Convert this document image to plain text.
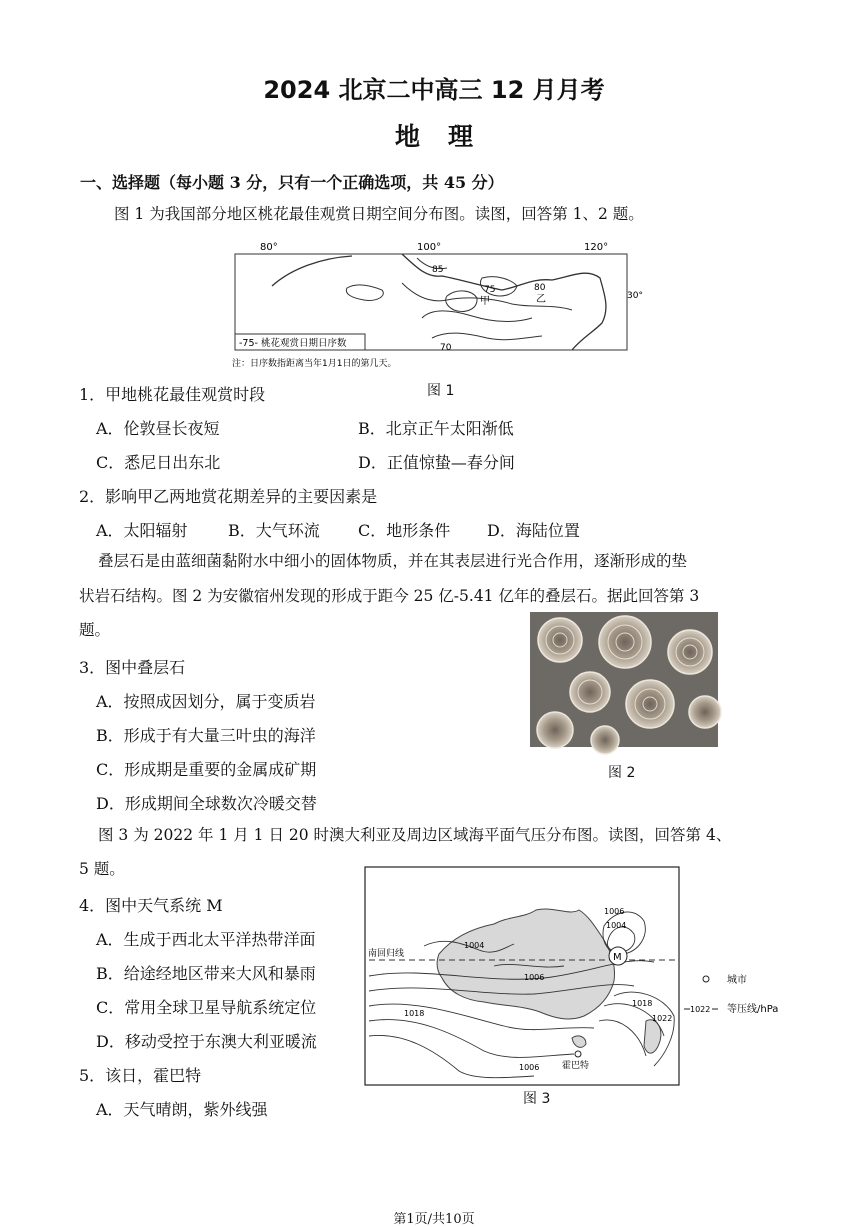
2024 北京二中高三 12 月月考
地理
一、选择题（每小题 3 分，只有一个正确选项，共 45 分）
图 1 为我国部分地区桃花最佳观赏日期空间分布图。读图，回答第 1、2 题。
80°	100°	120°
85
75	80
70
甲	乙	30°
-75- 桃花观赏日期日序数
注：日序数指距离当年1月1日的第几天。
图 1
1．甲地桃花最佳观赏时段
A．伦敦昼长夜短	B．北京正午太阳渐低
C．悉尼日出东北	D．正值惊蛰—春分间
2．影响甲乙两地赏花期差异的主要因素是
A．太阳辐射	B．大气环流 C．地形条件 D．海陆位置
叠层石是由蓝细菌黏附水中细小的固体物质，并在其表层进行光合作用，逐渐形成的垫
状岩石结构。图 2 为安徽宿州发现的形成于距今 25 亿-5.41 亿年的叠层石。据此回答第 3
题。
图 2
3．图中叠层石
A．按照成因划分，属于变质岩
B．形成于有大量三叶虫的海洋
C．形成期是重要的金属成矿期
D．形成期间全球数次冷暖交替
图 3 为 2022 年 1 月 1 日 20 时澳大利亚及周边区域海平面气压分布图。读图，回答第 4、
5 题。
南回归线	M
1006
1004
1006
1004
1018
1018
1022
1006	霍巴特
城市
1022 等压线/hPa
图 3
4．图中天气系统 M
A．生成于西北太平洋热带洋面
B．给途经地区带来大风和暴雨
C．常用全球卫星导航系统定位
D．移动受控于东澳大利亚暖流
5．该日，霍巴特
A．天气晴朗，紫外线强
第1页/共10页
